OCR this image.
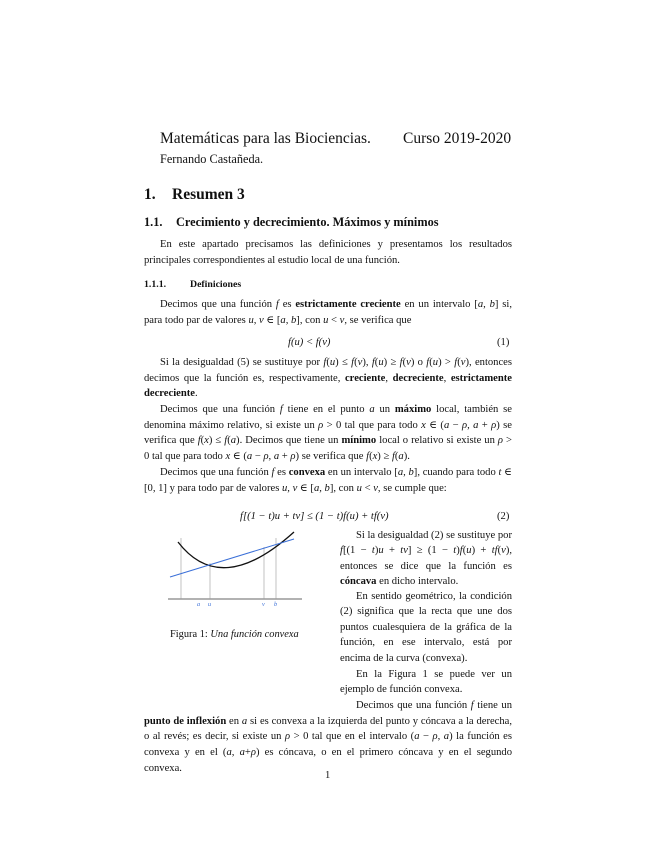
Matemáticas para las Biociencias. Curso 2019-2020
Fernando Castañeda.
1. Resumen 3
1.1. Crecimiento y decrecimiento. Máximos y mínimos
En este apartado precisamos las definiciones y presentamos los resultados principales correspondientes al estudio local de una función.
1.1.1. Definiciones
Decimos que una función f es estrictamente creciente en un intervalo [a, b] si, para todo par de valores u, v ∈ [a, b], con u < v, se verifica que
f(u) < f(v)	(1)
Si la desigualdad (5) se sustituye por f(u) ≤ f(v), f(u) ≥ f(v) o f(u) > f(v), entonces decimos que la función es, respectivamente, creciente, decreciente, estrictamente decreciente.
Decimos que una función f tiene en el punto a un máximo local, también se denomina máximo relativo, si existe un ρ > 0 tal que para todo x ∈ (a − ρ, a + ρ) se verifica que f(x) ≤ f(a). Decimos que tiene un mínimo local o relativo si existe un ρ > 0 tal que para todo x ∈ (a − ρ, a + ρ) se verifica que f(x) ≥ f(a).
Decimos que una función f es convexa en un intervalo [a, b], cuando para todo t ∈ [0, 1] y para todo par de valores u, v ∈ [a, b], con u < v, se cumple que:
f[(1 − t)u + tv] ≤ (1 − t)f(u) + tf(v)	(2)
a u	v b
Figura 1: Una función convexa
Si la desigualdad (2) se sustituye por f[(1 − t)u + tv] ≥ (1 − t)f(u) + tf(v), entonces se dice que la función es cóncava en dicho intervalo.
En sentido geométrico, la condición (2) significa que la recta que une dos puntos cualesquiera de la gráfica de la función, en ese intervalo, está por encima de la curva (convexa).
En la Figura 1 se puede ver un ejemplo de función convexa.
Decimos que una función f tiene un punto de inflexión en a si es convexa a la izquierda del punto y cóncava a la derecha, o al revés; es decir, si existe un ρ > 0 tal que en el intervalo (a − ρ, a) la función es convexa y en el (a, a+ρ) es cóncava, o en el primero cóncava y en el segundo convexa.
1
